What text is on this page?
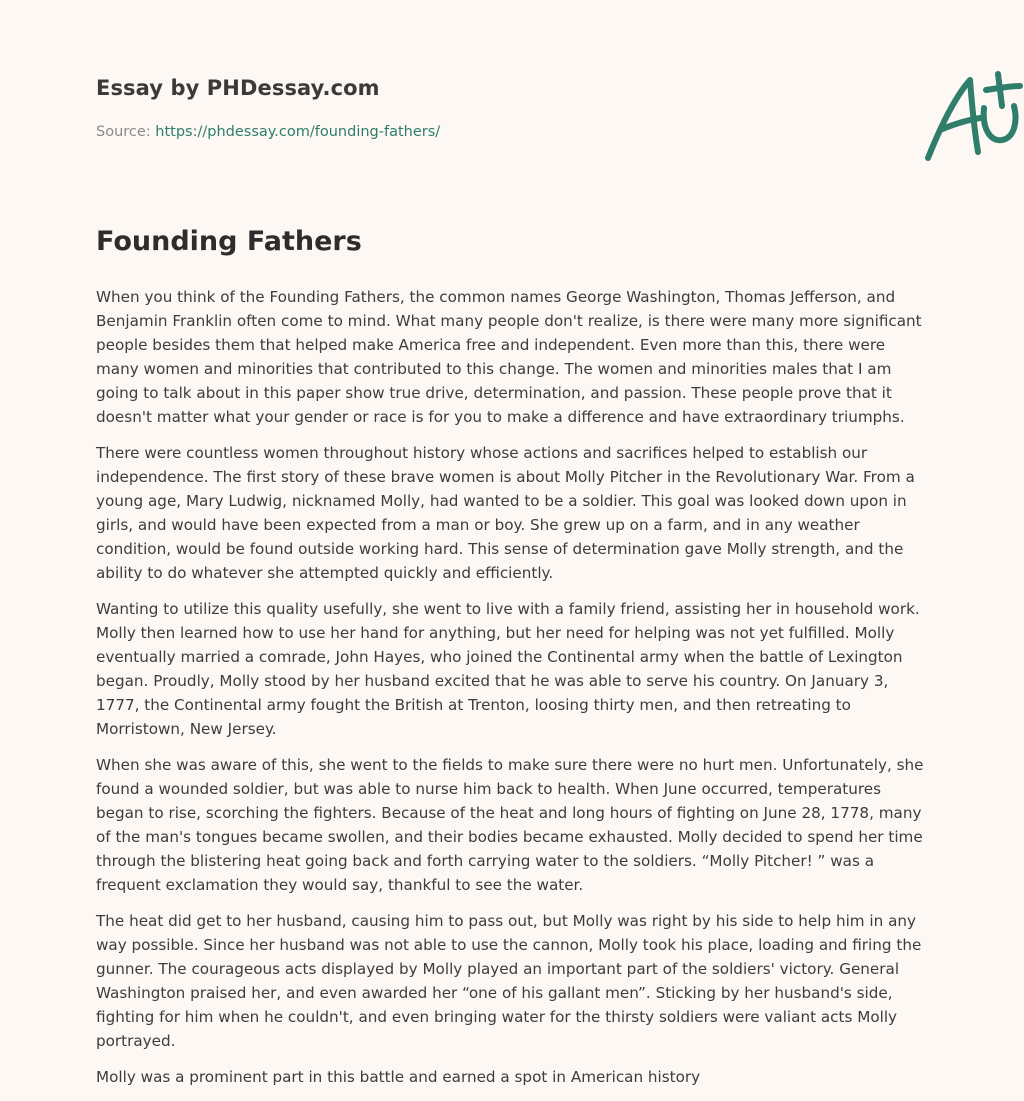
Essay by PHDessay.com
Source: https://phdessay.com/founding-fathers/
Founding Fathers

When you think of the Founding Fathers, the common names George Washington, Thomas Jefferson, and Benjamin Franklin often come to mind. What many people don't realize, is there were many more significant people besides them that helped make America free and independent. Even more than this, there were many women and minorities that contributed to this change. The women and minorities males that I am going to talk about in this paper show true drive, determination, and passion. These people prove that it doesn't matter what your gender or race is for you to make a difference and have extraordinary triumphs.

There were countless women throughout history whose actions and sacrifices helped to establish our independence. The first story of these brave women is about Molly Pitcher in the Revolutionary War. From a young age, Mary Ludwig, nicknamed Molly, had wanted to be a soldier. This goal was looked down upon in girls, and would have been expected from a man or boy. She grew up on a farm, and in any weather condition, would be found outside working hard. This sense of determination gave Molly strength, and the ability to do whatever she attempted quickly and efficiently.

Wanting to utilize this quality usefully, she went to live with a family friend, assisting her in household work. Molly then learned how to use her hand for anything, but her need for helping was not yet fulfilled. Molly eventually married a comrade, John Hayes, who joined the Continental army when the battle of Lexington began. Proudly, Molly stood by her husband excited that he was able to serve his country. On January 3, 1777, the Continental army fought the British at Trenton, loosing thirty men, and then retreating to Morristown, New Jersey.

When she was aware of this, she went to the fields to make sure there were no hurt men. Unfortunately, she found a wounded soldier, but was able to nurse him back to health. When June occurred, temperatures began to rise, scorching the fighters. Because of the heat and long hours of fighting on June 28, 1778, many of the man's tongues became swollen, and their bodies became exhausted. Molly decided to spend her time through the blistering heat going back and forth carrying water to the soldiers. “Molly Pitcher! ” was a frequent exclamation they would say, thankful to see the water.

The heat did get to her husband, causing him to pass out, but Molly was right by his side to help him in any way possible. Since her husband was not able to use the cannon, Molly took his place, loading and firing the gunner. The courageous acts displayed by Molly played an important part of the soldiers' victory. General Washington praised her, and even awarded her “one of his gallant men”. Sticking by her husband's side, fighting for him when he couldn't, and even bringing water for the thirsty soldiers were valiant acts Molly portrayed.

Molly was a prominent part in this battle and earned a spot in American history
